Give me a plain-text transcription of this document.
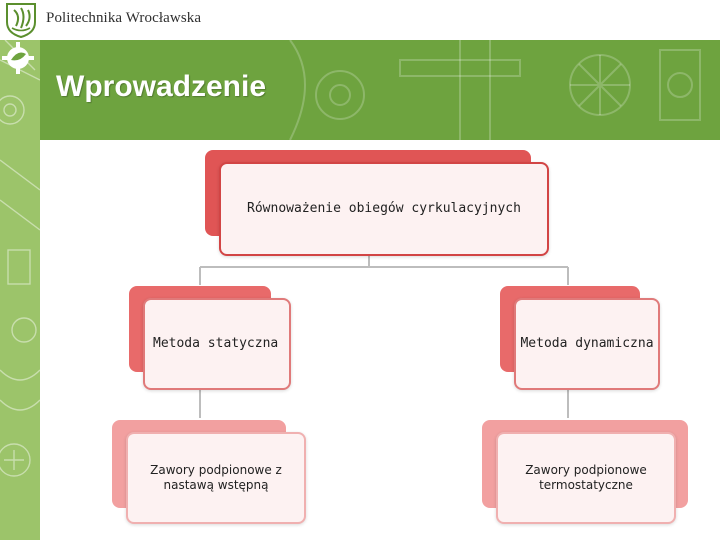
Politechnika Wrocławska
Wprowadzenie
Równoważenie obiegów cyrkulacyjnych
Metoda statyczna	Metoda dynamiczna
Zawory podpionowe z nastawą wstępną
Zawory podpionowe termostatyczne
